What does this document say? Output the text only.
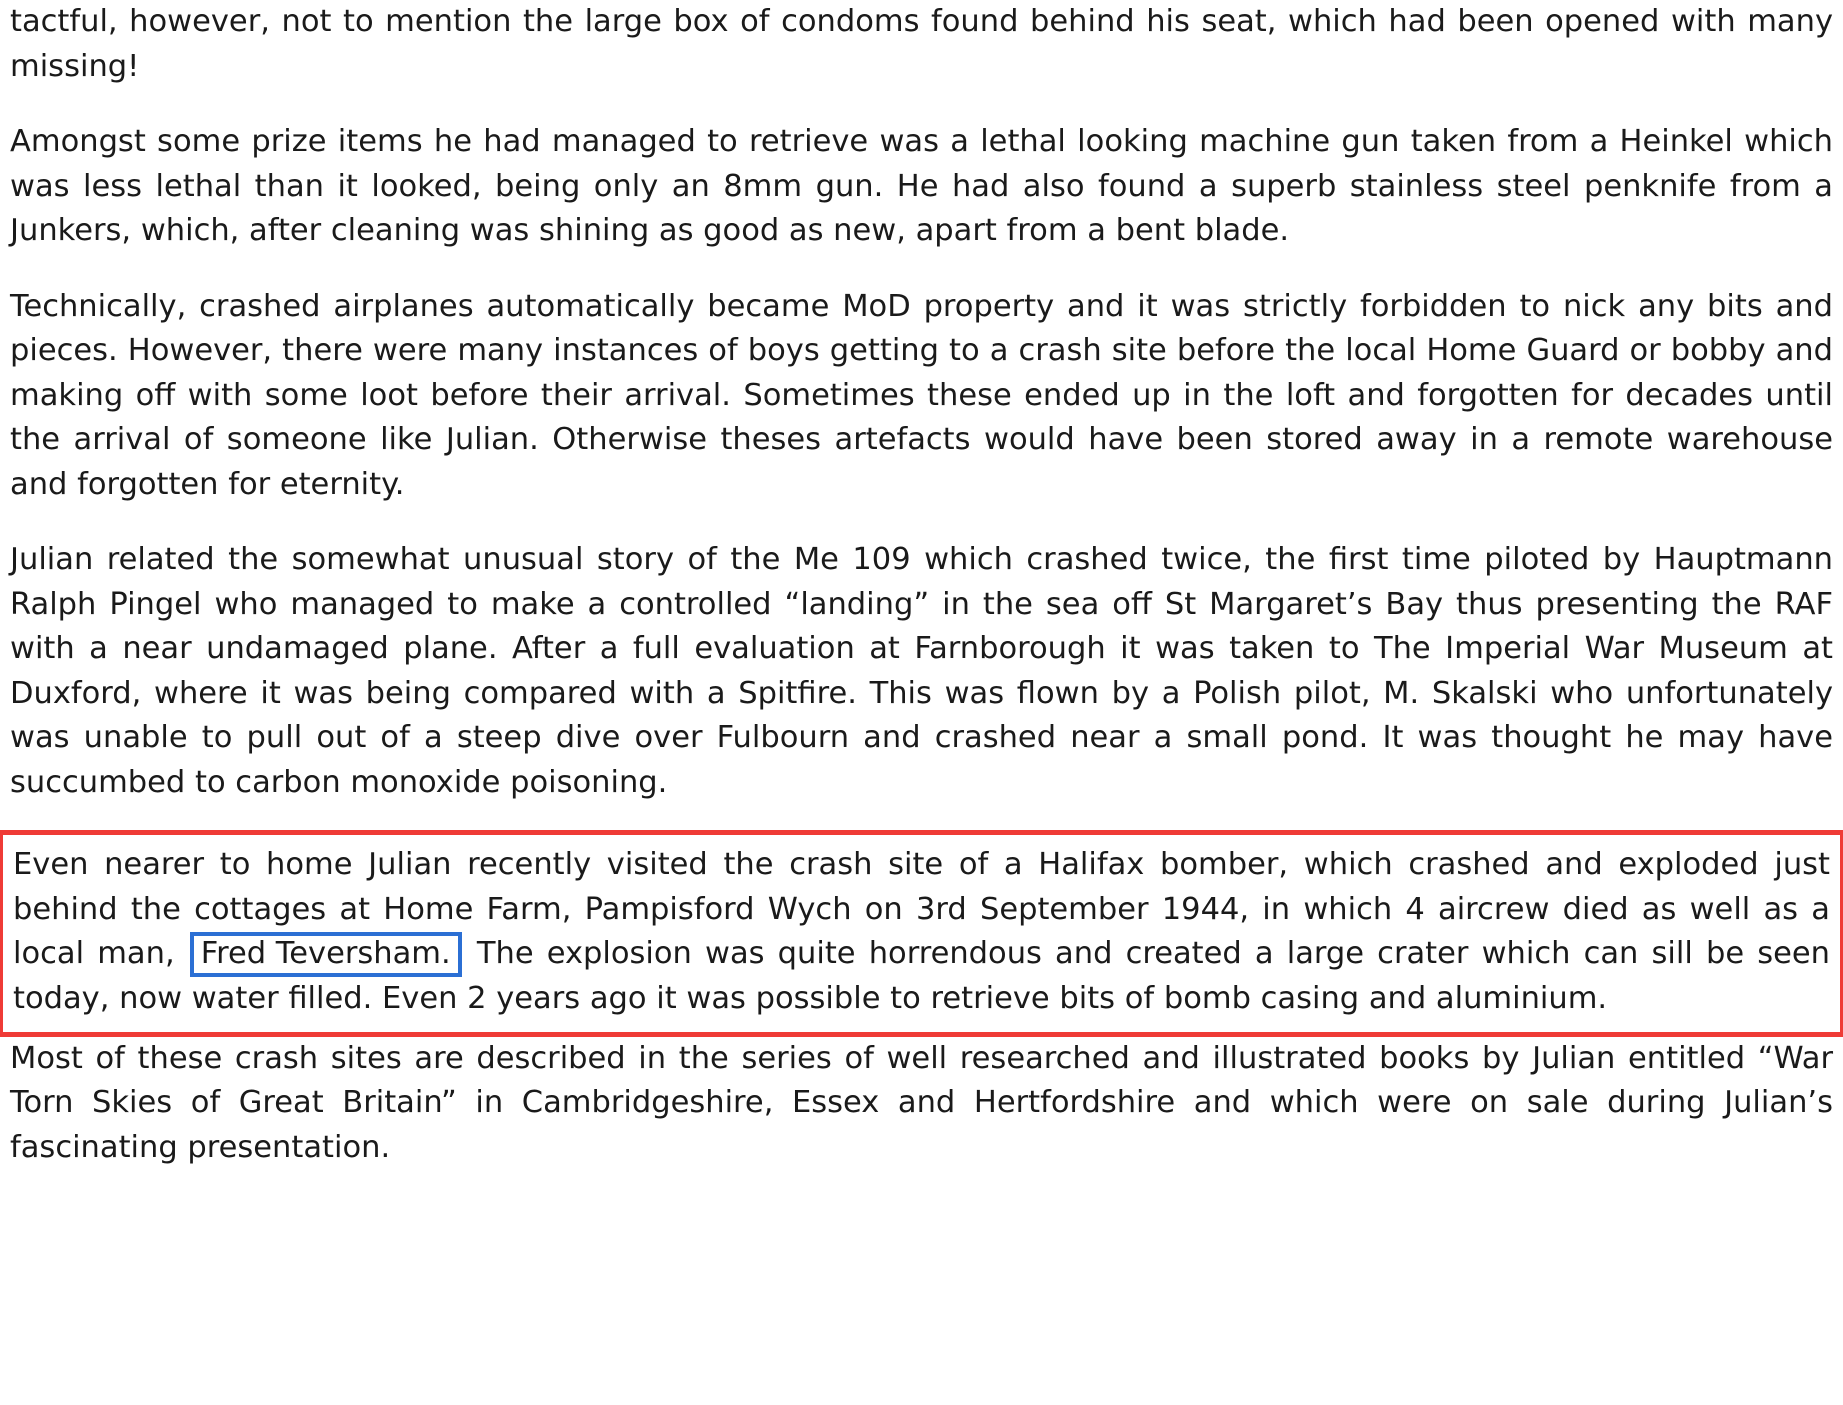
tactful, however, not to mention the large box of condoms found behind his seat, which had been opened with many missing!

Amongst some prize items he had managed to retrieve was a lethal looking machine gun taken from a Heinkel which was less lethal than it looked, being only an 8mm gun. He had also found a superb stainless steel penknife from a Junkers, which, after cleaning was shining as good as new, apart from a bent blade.

Technically, crashed airplanes automatically became MoD property and it was strictly forbidden to nick any bits and pieces. However, there were many instances of boys getting to a crash site before the local Home Guard or bobby and making off with some loot before their arrival. Sometimes these ended up in the loft and forgotten for decades until the arrival of someone like Julian. Otherwise theses artefacts would have been stored away in a remote warehouse and forgotten for eternity.

Julian related the somewhat unusual story of the Me 109 which crashed twice, the first time piloted by Hauptmann Ralph Pingel who managed to make a controlled “landing” in the sea off St Margaret’s Bay thus presenting the RAF with a near undamaged plane. After a full evaluation at Farnborough it was taken to The Imperial War Museum at Duxford, where it was being compared with a Spitfire. This was flown by a Polish pilot, M. Skalski who unfortunately was unable to pull out of a steep dive over Fulbourn and crashed near a small pond. It was thought he may have succumbed to carbon monoxide poisoning.

Even nearer to home Julian recently visited the crash site of a Halifax bomber, which crashed and exploded just behind the cottages at Home Farm, Pampisford Wych on 3rd September 1944, in which 4 aircrew died as well as a local man, Fred Teversham. The explosion was quite horrendous and created a large crater which can sill be seen today, now water filled. Even 2 years ago it was possible to retrieve bits of bomb casing and aluminium.

Most of these crash sites are described in the series of well researched and illustrated books by Julian entitled “War Torn Skies of Great Britain” in Cambridgeshire, Essex and Hertfordshire and which were on sale during Julian’s fascinating presentation.
